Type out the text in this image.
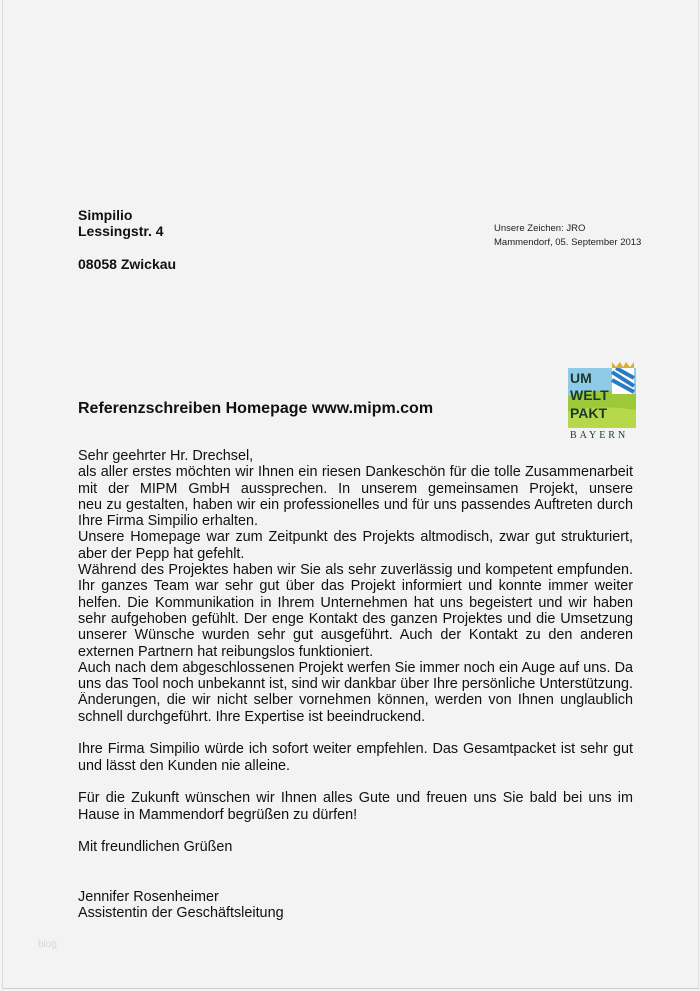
Simpilio
Lessingstr. 4
08058 Zwickau
Unsere Zeichen: JRO
Mammendorf, 05. September 2013
UM
WELT
PAKT
BAYERN
Referenzschreiben Homepage www.mipm.com
Sehr geehrter Hr. Drechsel,
als aller erstes möchten wir Ihnen ein riesen Dankeschön für die tolle Zusammenarbeit
mit der MIPM GmbH aussprechen. In unserem gemeinsamen Projekt, unsere
neu zu gestalten, haben wir ein professionelles und für uns passendes Auftreten durch
Ihre Firma Simpilio erhalten.
Unsere Homepage war zum Zeitpunkt des Projekts altmodisch, zwar gut strukturiert,
aber der Pepp hat gefehlt.
Während des Projektes haben wir Sie als sehr zuverlässig und kompetent empfunden.
Ihr ganzes Team war sehr gut über das Projekt informiert und konnte immer weiter
helfen. Die Kommunikation in Ihrem Unternehmen hat uns begeistert und wir haben
sehr aufgehoben gefühlt. Der enge Kontakt des ganzen Projektes und die Umsetzung
unserer Wünsche wurden sehr gut ausgeführt. Auch der Kontakt zu den anderen
externen Partnern hat reibungslos funktioniert.
Auch nach dem abgeschlossenen Projekt werfen Sie immer noch ein Auge auf uns. Da
uns das Tool noch unbekannt ist, sind wir dankbar über Ihre persönliche Unterstützung.
Änderungen, die wir nicht selber vornehmen können, werden von Ihnen unglaublich
schnell durchgeführt. Ihre Expertise ist beeindruckend.
Ihre Firma Simpilio würde ich sofort weiter empfehlen. Das Gesamtpacket ist sehr gut
und lässt den Kunden nie alleine.
Für die Zukunft wünschen wir Ihnen alles Gute und freuen uns Sie bald bei uns im
Hause in Mammendorf begrüßen zu dürfen!
Mit freundlichen Grüßen
Jennifer Rosenheimer
Assistentin der Geschäftsleitung
blog
